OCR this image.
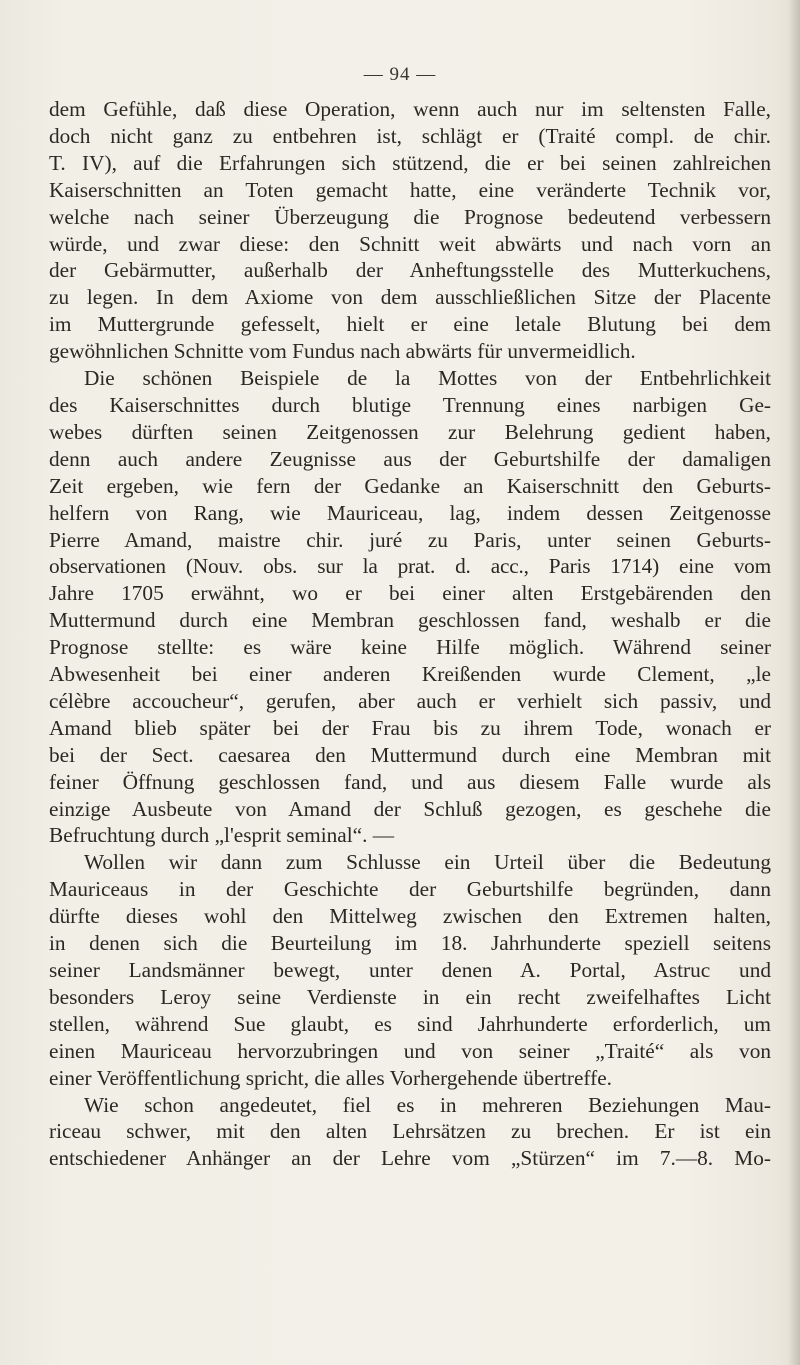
— 94 —
dem Gefühle, daß diese Operation, wenn auch nur im seltensten Falle,
doch nicht ganz zu entbehren ist, schlägt er (Traité compl. de chir.
T. IV), auf die Erfahrungen sich stützend, die er bei seinen zahlreichen
Kaiserschnitten an Toten gemacht hatte, eine veränderte Technik vor,
welche nach seiner Überzeugung die Prognose bedeutend verbessern
würde, und zwar diese: den Schnitt weit abwärts und nach vorn an
der Gebärmutter, außerhalb der Anheftungsstelle des Mutterkuchens,
zu legen. In dem Axiome von dem ausschließlichen Sitze der Placente
im Muttergrunde gefesselt, hielt er eine letale Blutung bei dem
gewöhnlichen Schnitte vom Fundus nach abwärts für unvermeidlich.
Die schönen Beispiele de la Mottes von der Entbehrlichkeit
des Kaiserschnittes durch blutige Trennung eines narbigen Ge-
webes dürften seinen Zeitgenossen zur Belehrung gedient haben,
denn auch andere Zeugnisse aus der Geburtshilfe der damaligen
Zeit ergeben, wie fern der Gedanke an Kaiserschnitt den Geburts-
helfern von Rang, wie Mauriceau, lag, indem dessen Zeitgenosse
Pierre Amand, maistre chir. juré zu Paris, unter seinen Geburts-
observationen (Nouv. obs. sur la prat. d. acc., Paris 1714) eine vom
Jahre 1705 erwähnt, wo er bei einer alten Erstgebärenden den
Muttermund durch eine Membran geschlossen fand, weshalb er die
Prognose stellte: es wäre keine Hilfe möglich. Während seiner
Abwesenheit bei einer anderen Kreißenden wurde Clement, „le
célèbre accoucheur“, gerufen, aber auch er verhielt sich passiv, und
Amand blieb später bei der Frau bis zu ihrem Tode, wonach er
bei der Sect. caesarea den Muttermund durch eine Membran mit
feiner Öffnung geschlossen fand, und aus diesem Falle wurde als
einzige Ausbeute von Amand der Schluß gezogen, es geschehe die
Befruchtung durch „l'esprit seminal“. —
Wollen wir dann zum Schlusse ein Urteil über die Bedeutung
Mauriceaus in der Geschichte der Geburtshilfe begründen, dann
dürfte dieses wohl den Mittelweg zwischen den Extremen halten,
in denen sich die Beurteilung im 18. Jahrhunderte speziell seitens
seiner Landsmänner bewegt, unter denen A. Portal, Astruc und
besonders Leroy seine Verdienste in ein recht zweifelhaftes Licht
stellen, während Sue glaubt, es sind Jahrhunderte erforderlich, um
einen Mauriceau hervorzubringen und von seiner „Traité“ als von
einer Veröffentlichung spricht, die alles Vorhergehende übertreffe.
Wie schon angedeutet, fiel es in mehreren Beziehungen Mau-
riceau schwer, mit den alten Lehrsätzen zu brechen. Er ist ein
entschiedener Anhänger an der Lehre vom „Stürzen“ im 7.—8. Mo-
